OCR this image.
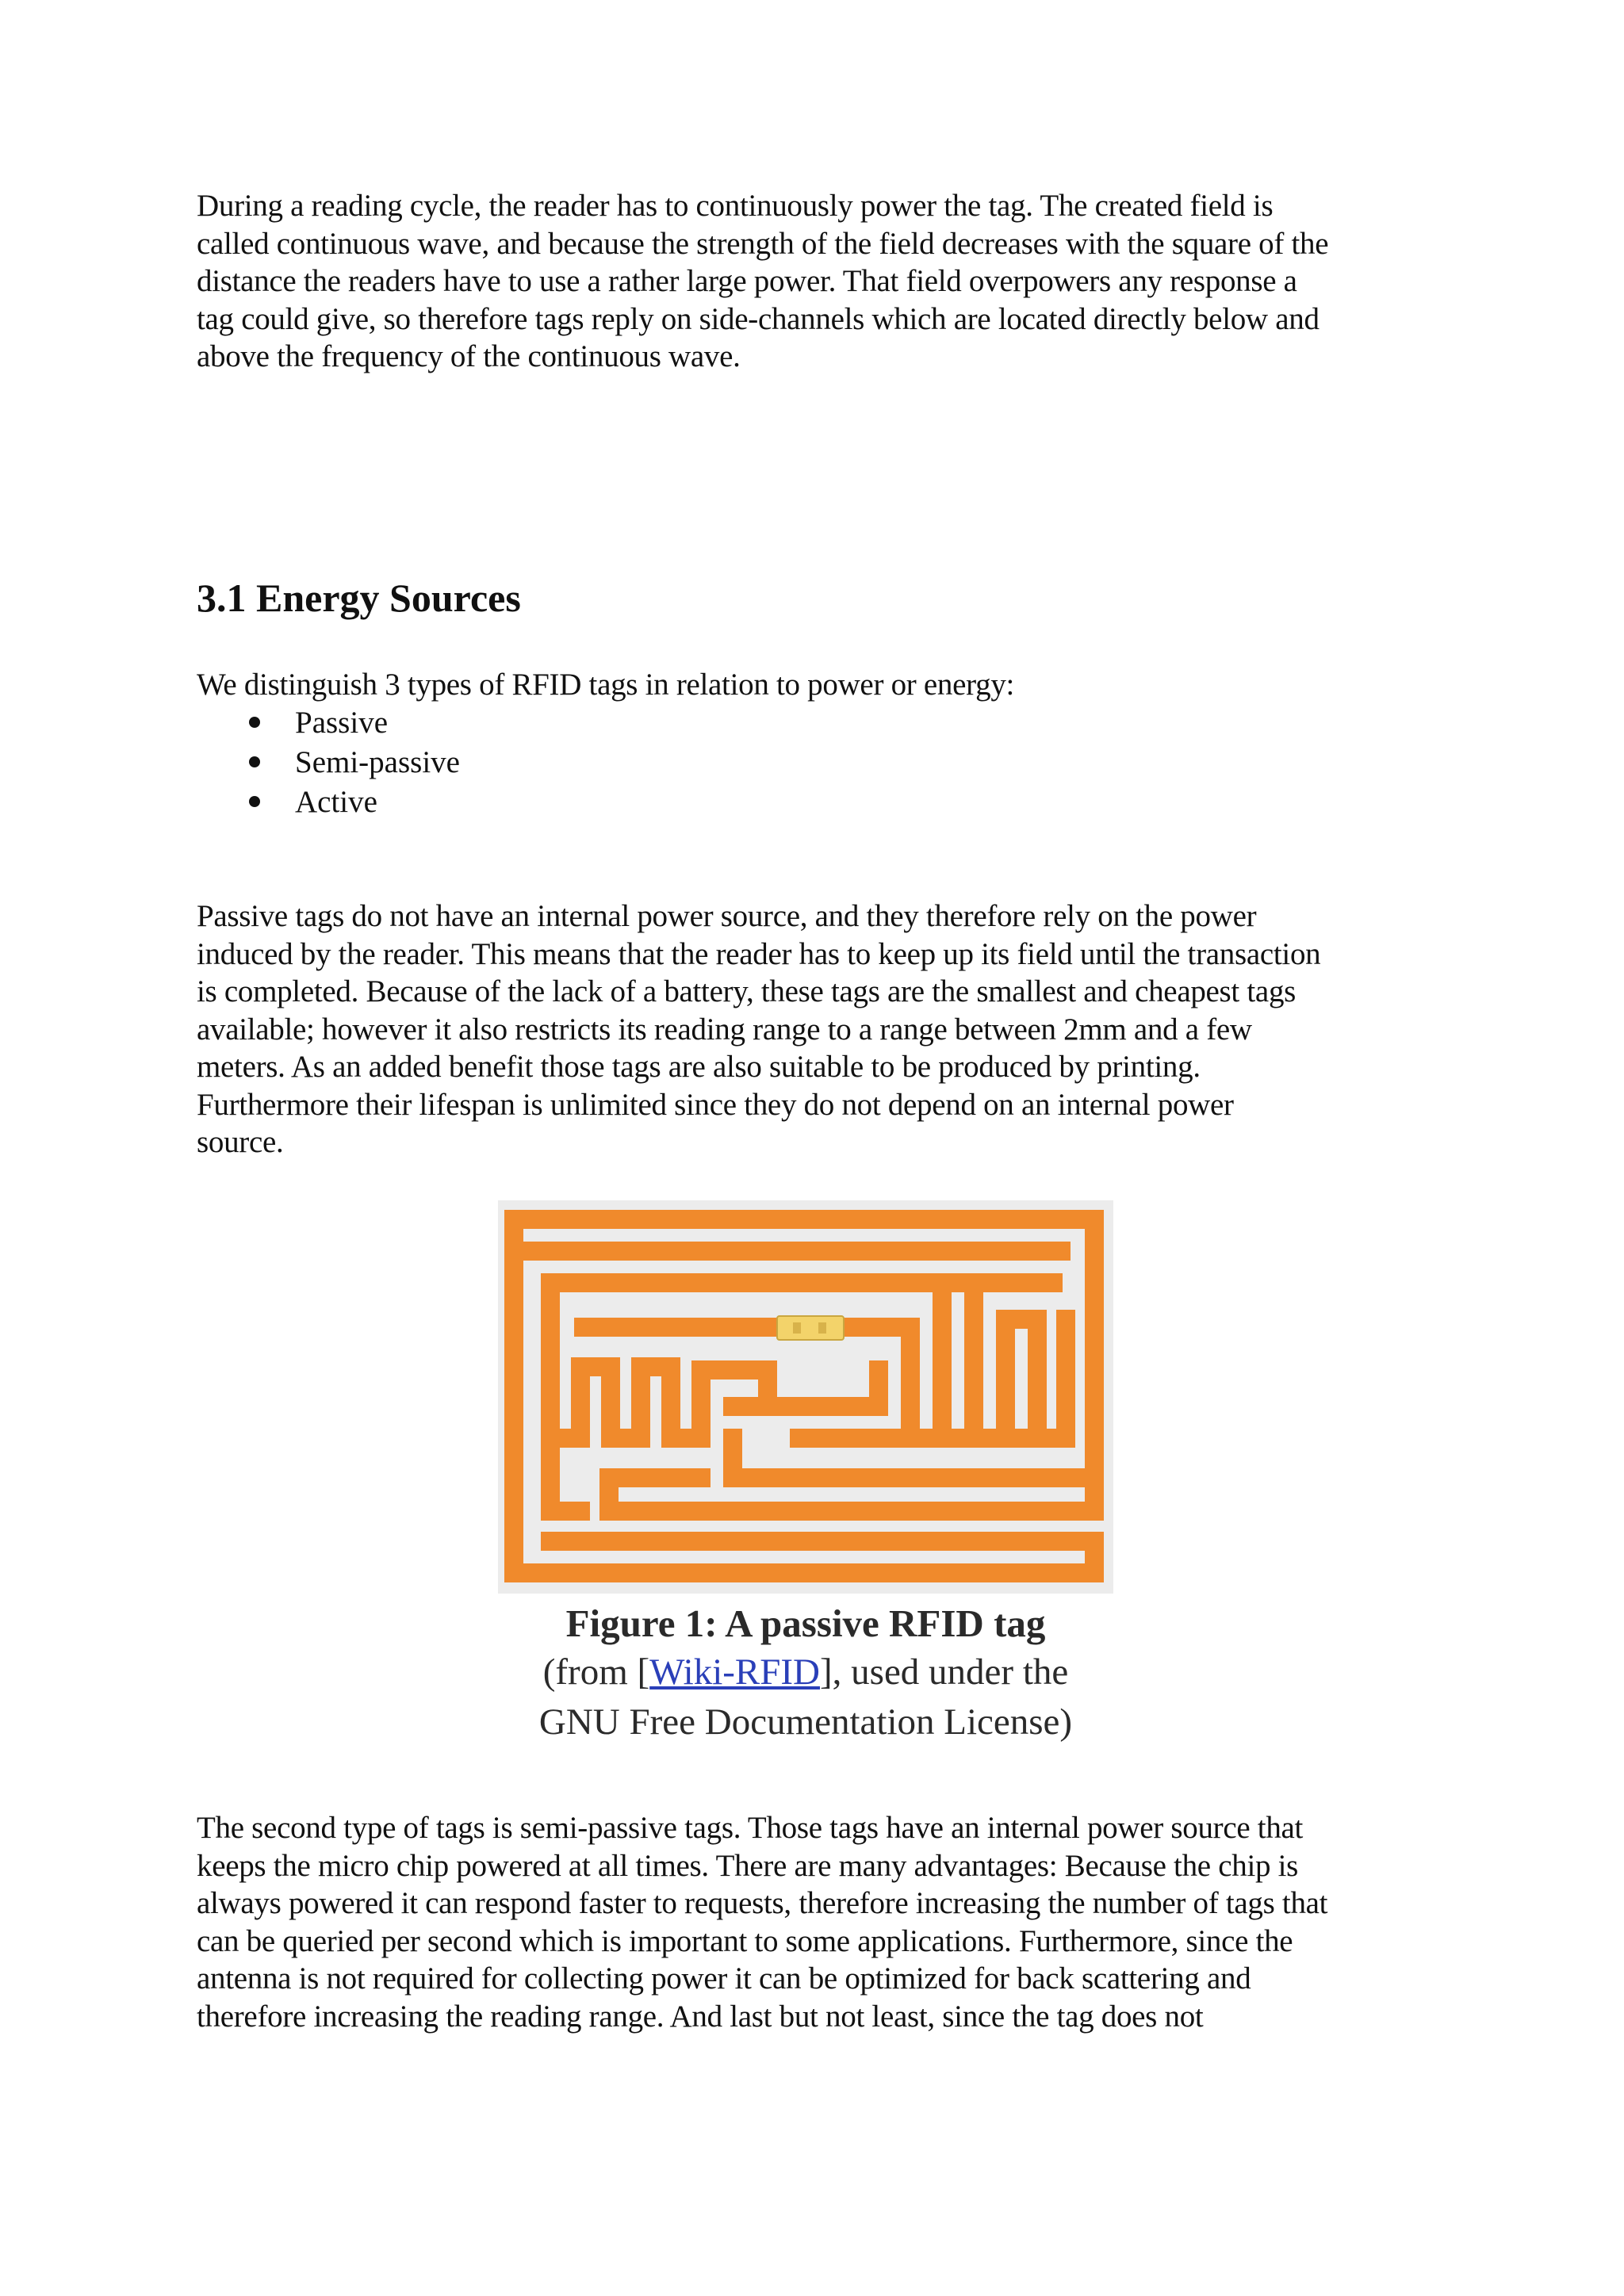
During a reading cycle, the reader has to continuously power the tag. The created field is
called continuous wave, and because the strength of the field decreases with the square of the
distance the readers have to use a rather large power. That field overpowers any response a
tag could give, so therefore tags reply on side-channels which are located directly below and
above the frequency of the continuous wave.

3.1 Energy Sources

We distinguish 3 types of RFID tags in relation to power or energy:

Passive
Semi-passive
Active

Passive tags do not have an internal power source, and they therefore rely on the power
induced by the reader. This means that the reader has to keep up its field until the transaction
is completed. Because of the lack of a battery, these tags are the smallest and cheapest tags
available; however it also restricts its reading range to a range between 2mm and a few
meters. As an added benefit those tags are also suitable to be produced by printing.
Furthermore their lifespan is unlimited since they do not depend on an internal power
source.

The second type of tags is semi-passive tags. Those tags have an internal power source that
keeps the micro chip powered at all times. There are many advantages: Because the chip is
always powered it can respond faster to requests, therefore increasing the number of tags that
can be queried per second which is important to some applications. Furthermore, since the
antenna is not required for collecting power it can be optimized for back scattering and
therefore increasing the reading range. And last but not least, since the tag does not

Figure 1: A passive RFID tag
(from [Wiki-RFID], used under the
GNU Free Documentation License)
